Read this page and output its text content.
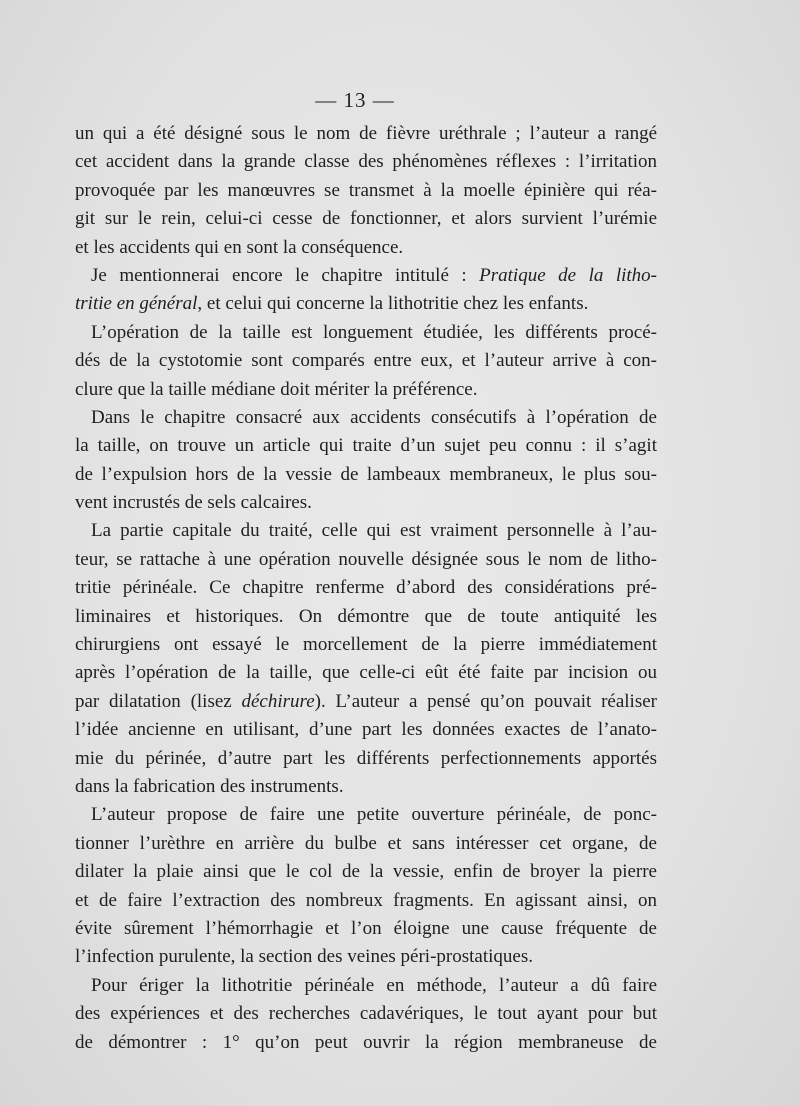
— 13 —
un qui a été désigné sous le nom de fièvre uréthrale ; l’auteur a rangé
cet accident dans la grande classe des phénomènes réflexes : l’irritation
provoquée par les manœuvres se transmet à la moelle épinière qui réa-
git sur le rein, celui-ci cesse de fonctionner, et alors survient l’urémie
et les accidents qui en sont la conséquence.
Je mentionnerai encore le chapitre intitulé : Pratique de la litho-
tritie en général, et celui qui concerne la lithotritie chez les enfants.
L’opération de la taille est longuement étudiée, les différents procé-
dés de la cystotomie sont comparés entre eux, et l’auteur arrive à con-
clure que la taille médiane doit mériter la préférence.
Dans le chapitre consacré aux accidents consécutifs à l’opération de
la taille, on trouve un article qui traite d’un sujet peu connu : il s’agit
de l’expulsion hors de la vessie de lambeaux membraneux, le plus sou-
vent incrustés de sels calcaires.
La partie capitale du traité, celle qui est vraiment personnelle à l’au-
teur, se rattache à une opération nouvelle désignée sous le nom de litho-
tritie périnéale. Ce chapitre renferme d’abord des considérations pré-
liminaires et historiques. On démontre que de toute antiquité les
chirurgiens ont essayé le morcellement de la pierre immédiatement
après l’opération de la taille, que celle-ci eût été faite par incision ou
par dilatation (lisez déchirure). L’auteur a pensé qu’on pouvait réaliser
l’idée ancienne en utilisant, d’une part les données exactes de l’anato-
mie du périnée, d’autre part les différents perfectionnements apportés
dans la fabrication des instruments.
L’auteur propose de faire une petite ouverture périnéale, de ponc-
tionner l’urèthre en arrière du bulbe et sans intéresser cet organe, de
dilater la plaie ainsi que le col de la vessie, enfin de broyer la pierre
et de faire l’extraction des nombreux fragments. En agissant ainsi, on
évite sûrement l’hémorrhagie et l’on éloigne une cause fréquente de
l’infection purulente, la section des veines péri-prostatiques.
Pour ériger la lithotritie périnéale en méthode, l’auteur a dû faire
des expériences et des recherches cadavériques, le tout ayant pour but
de démontrer : 1° qu’on peut ouvrir la région membraneuse de
